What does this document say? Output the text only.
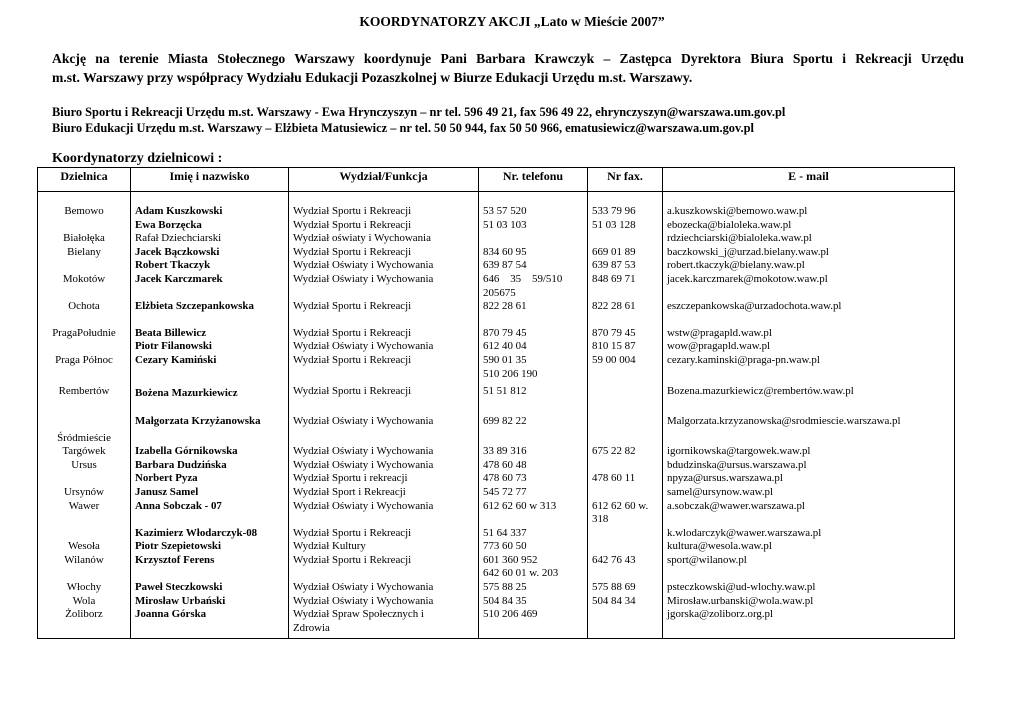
KOORDYNATORZY AKCJI „Lato w Mieście 2007”
Akcję na terenie Miasta Stołecznego Warszawy koordynuje Pani Barbara Krawczyk – Zastępca Dyrektora Biura Sportu i Rekreacji Urzędu
m.st. Warszawy przy współpracy Wydziału Edukacji Pozaszkolnej w Biurze Edukacji Urzędu m.st. Warszawy.
Biuro Sportu i Rekreacji Urzędu m.st. Warszawy - Ewa Hrynczyszyn – nr tel. 596 49 21, fax 596 49 22, ehrynczyszyn@warszawa.um.gov.pl
Biuro Edukacji Urzędu m.st. Warszawy – Elżbieta Matusiewicz – nr tel. 50 50 944, fax 50 50 966, ematusiewicz@warszawa.um.gov.pl
Koordynatorzy dzielnicowi :
Dzielnica	Imię i nazwisko	Wydział/Funkcja	Nr. telefonu	Nr fax.	E - mail

Bemowo	Adam Kuszkowski	Wydział Sportu i Rekreacji	53 57 520	533 79 96	a.kuszkowski@bemowo.waw.pl
	Ewa Borzęcka	Wydział Sportu i Rekreacji	51 03 103	51 03 128	ebozecka@bialoleka.waw.pl
Białołęka	Rafał Dziechciarski	Wydział oświaty i Wychowania			rdziechciarski@bialoleka.waw.pl
Bielany	Jacek Bączkowski	Wydział Sportu i Rekreacji	834 60 95	669 01 89	baczkowski_j@urzad.bielany.waw.pl
	Robert Tkaczyk	Wydział Oświaty i Wychowania	639 87 54	639 87 53	robert.tkaczyk@bielany.waw.pl
Mokotów	Jacek Karczmarek	Wydział Oświaty i Wychowania	646    35    59/510
205675	848 69 71	jacek.karczmarek@mokotow.waw.pl
Ochota	Elżbieta Szczepankowska	Wydział Sportu i Rekreacji	822 28 61	822 28 61	eszczepankowska@urzadochota.waw.pl

PragaPołudnie	Beata Billewicz	Wydział Sportu i Rekreacji	870 79 45	870 79 45	wstw@pragapld.waw.pl
	Piotr Filanowski	Wydział Oświaty i Wychowania	612 40 04	810 15 87	wow@pragapld.waw.pl
Praga Północ	Cezary Kamiński	Wydział Sportu i Rekreacji	590 01 35
510 206 190	59 00 004	cezary.kaminski@praga-pn.waw.pl

Rembertów	Bożena Mazurkiewicz	Wydział Sportu i Rekreacji	51 51 812		Bozena.mazurkiewicz@rembertów.waw.pl
Śródmieście	Małgorzata Krzyżanowska	Wydział Oświaty i Wychowania	699 82 22		Malgorzata.krzyzanowska@srodmiescie.warszawa.pl
Targówek	Izabella Górnikowska	Wydział Oświaty i Wychowania	33 89 316	675 22 82	igornikowska@targowek.waw.pl
Ursus	Barbara Dudzińska	Wydział Oświaty i Wychowania	478 60 48		bdudzinska@ursus.warszawa.pl
	Norbert Pyza	Wydział Sportu i rekreacji	478 60 73	478 60 11	npyza@ursus.warszawa.pl
Ursynów	Janusz Samel	Wydział Sport i Rekreacji	545 72 77		samel@ursynow.waw.pl
Wawer	Anna Sobczak - 07	Wydział Oświaty i Wychowania	612 62 60 w 313	612 62 60 w.
318	a.sobczak@wawer.warszawa.pl
	Kazimierz Włodarczyk-08	Wydział Sportu i Rekreacji	51 64 337		k.wlodarczyk@wawer.warszawa.pl
Wesoła	Piotr Szepietowski	Wydział Kultury	773 60 50		kultura@wesola.waw.pl
Wilanów	Krzysztof Ferens	Wydział Sportu i Rekreacji	601 360 952
642 60 01 w. 203	642 76 43	sport@wilanow.pl
Włochy	Paweł Steczkowski	Wydział Oświaty i Wychowania	575 88 25	575 88 69	psteczkowski@ud-wlochy.waw.pl
Wola	Mirosław Urbański	Wydział Oświaty i Wychowania	504 84 35	504 84 34	Mirosław.urbanski@wola.waw.pl
Żoliborz	Joanna Górska	Wydział Spraw Społecznych i
Zdrowia	510 206 469		jgorska@zoliborz.org.pl
